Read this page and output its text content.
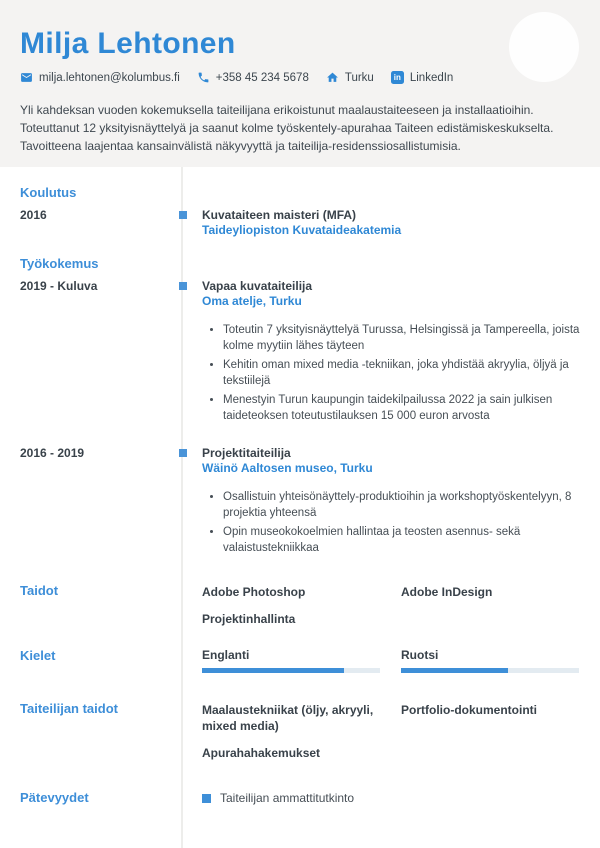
Milja Lehtonen
milja.lehtonen@kolumbus.fi	+358 45 234 5678	Turku	in LinkedIn
Yli kahdeksan vuoden kokemuksella taiteilijana erikoistunut maalaustaiteeseen ja installaatioihin. Toteuttanut 12 yksityisnäyttelyä ja saanut kolme työskentely-apurahaa Taiteen edistämiskeskukselta. Tavoitteena laajentaa kansainvälistä näkyvyyttä ja taiteilija-residenssiosallistumisia.
Koulutus
2016	Kuvataiteen maisteri (MFA)
Taideyliopiston Kuvataideakatemia
Työkokemus
2019 - Kuluva	Vapaa kuvataiteilija
Oma atelje, Turku
• Toteutin 7 yksityisnäyttelyä Turussa, Helsingissä ja Tampereella, joista kolme myytiin lähes täyteen
• Kehitin oman mixed media -tekniikan, joka yhdistää akryylia, öljyä ja tekstiilejä
• Menestyin Turun kaupungin taidekilpailussa 2022 ja sain julkisen taideteoksen toteutustilauksen 15 000 euron arvosta
2016 - 2019	Projektitaiteilija
Wäinö Aaltosen museo, Turku
• Osallistuin yhteisönäyttely-produktioihin ja workshoptyöskentelyyn, 8 projektia yhteensä
• Opin museokokoelmien hallintaa ja teosten asennus- sekä valaistustekniikkaa
Taidot	Adobe Photoshop	Adobe InDesign
Projektinhallinta
Kielet	Englanti	Ruotsi
Taiteilijan taidot	Maalaustekniikat (öljy, akryyli, mixed media)
Portfolio-dokumentointi
Apurahahakemukset
Pätevyydet	Taiteilijan ammattitutkinto
